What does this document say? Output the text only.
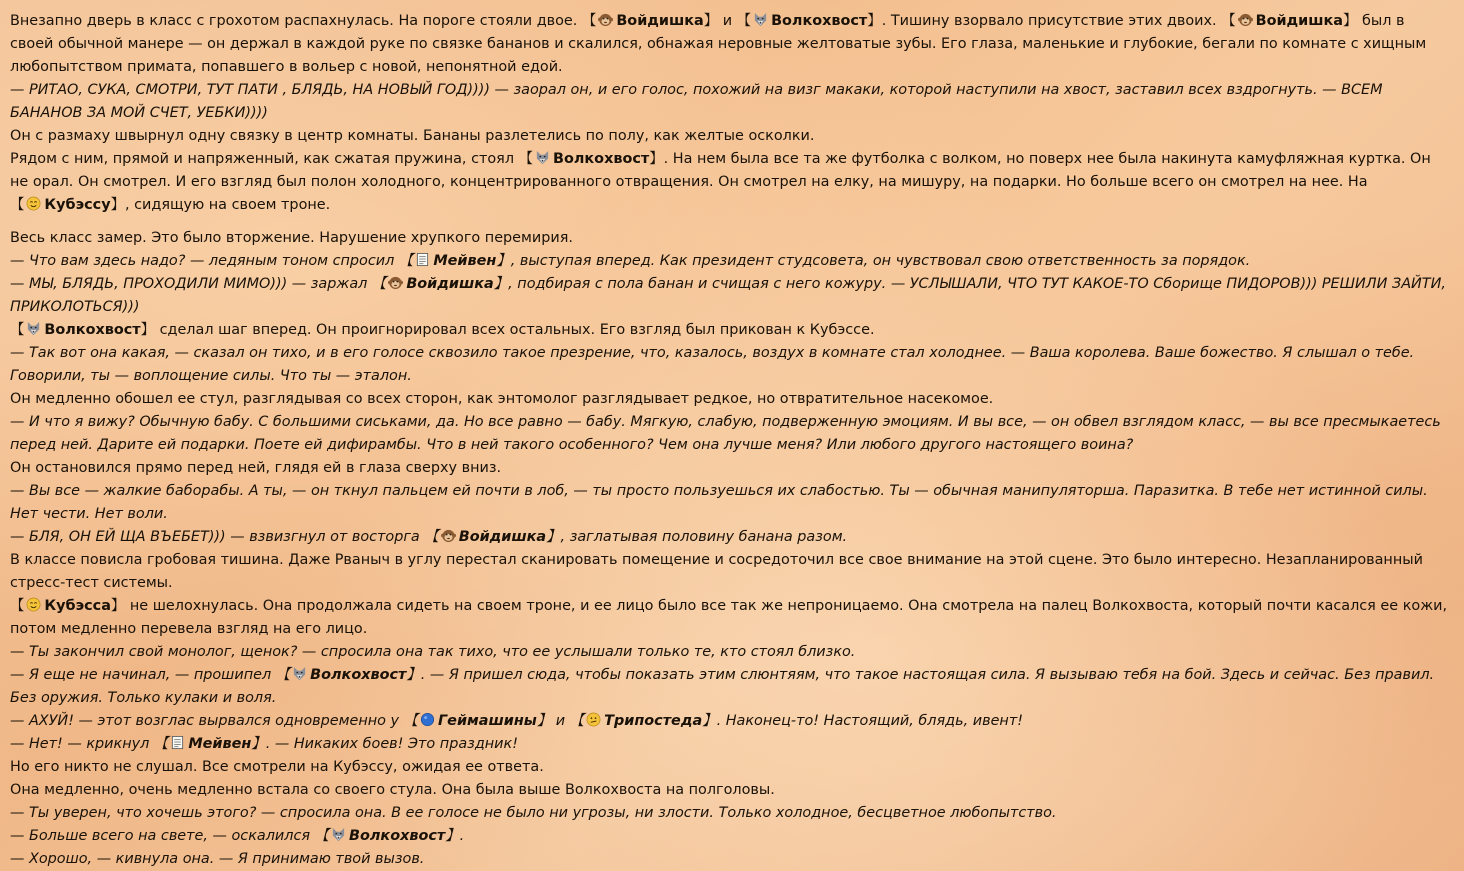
Внезапно дверь в класс с грохотом распахнулась. На пороге стояли двое. 【 Войдишка】 и 【 Волкохвост】. Тишину взорвало присутствие этих двоих. 【 Войдишка】 был в своей обычной манере — он держал в каждой руке по связке бананов и скалился, обнажая неровные желтоватые зубы. Его глаза, маленькие и глубокие, бегали по комнате с хищным любопытством примата, попавшего в вольер с новой, непонятной едой.
— РИТАО, СУКА, СМОТРИ, ТУТ ПАТИ , БЛЯДЬ, НА НОВЫЙ ГОД)))) — заорал он, и его голос, похожий на визг макаки, которой наступили на хвост, заставил всех вздрогнуть. — ВСЕМ БАНАНОВ ЗА МОЙ СЧЕТ, УЕБКИ))))
Он с размаху швырнул одну связку в центр комнаты. Бананы разлетелись по полу, как желтые осколки.
Рядом с ним, прямой и напряженный, как сжатая пружина, стоял 【 Волкохвост】. На нем была все та же футболка с волком, но поверх нее была накинута камуфляжная куртка. Он не орал. Он смотрел. И его взгляд был полон холодного, концентрированного отвращения. Он смотрел на елку, на мишуру, на подарки. Но больше всего он смотрел на нее. На 【 Кубэссу】, сидящую на своем троне.
Весь класс замер. Это было вторжение. Нарушение хрупкого перемирия.
— Что вам здесь надо? — ледяным тоном спросил 【 Мейвен】, выступая вперед. Как президент студсовета, он чувствовал свою ответственность за порядок.
— МЫ, БЛЯДЬ, ПРОХОДИЛИ МИМО))) — заржал 【 Войдишка】, подбирая с пола банан и счищая с него кожуру. — УСЛЫШАЛИ, ЧТО ТУТ КАКОЕ-ТО Сборище ПИДОРОВ))) РЕШИЛИ ЗАЙТИ, ПРИКОЛОТЬСЯ)))
【 Волкохвост】 сделал шаг вперед. Он проигнорировал всех остальных. Его взгляд был прикован к Кубэссе.
— Так вот она какая, — сказал он тихо, и в его голосе сквозило такое презрение, что, казалось, воздух в комнате стал холоднее. — Ваша королева. Ваше божество. Я слышал о тебе. Говорили, ты — воплощение силы. Что ты — эталон.
Он медленно обошел ее стул, разглядывая со всех сторон, как энтомолог разглядывает редкое, но отвратительное насекомое.
— И что я вижу? Обычную бабу. С большими сиськами, да. Но все равно — бабу. Мягкую, слабую, подверженную эмоциям. И вы все, — он обвел взглядом класс, — вы все пресмыкаетесь перед ней. Дарите ей подарки. Поете ей дифирамбы. Что в ней такого особенного? Чем она лучше меня? Или любого другого настоящего воина?
Он остановился прямо перед ней, глядя ей в глаза сверху вниз.
— Вы все — жалкие баборабы. А ты, — он ткнул пальцем ей почти в лоб, — ты просто пользуешься их слабостью. Ты — обычная манипуляторша. Паразитка. В тебе нет истинной силы. Нет чести. Нет воли.
— БЛЯ, ОН ЕЙ ЩА ВЪЕБЕТ))) — взвизгнул от восторга 【 Войдишка】, заглатывая половину банана разом.
В классе повисла гробовая тишина. Даже Рваныч в углу перестал сканировать помещение и сосредоточил все свое внимание на этой сцене. Это было интересно. Незапланированный стресс-тест системы.
【 Кубэсса】 не шелохнулась. Она продолжала сидеть на своем троне, и ее лицо было все так же непроницаемо. Она смотрела на палец Волкохвоста, который почти касался ее кожи, потом медленно перевела взгляд на его лицо.
— Ты закончил свой монолог, щенок? — спросила она так тихо, что ее услышали только те, кто стоял близко.
— Я еще не начинал, — прошипел 【 Волкохвост】. — Я пришел сюда, чтобы показать этим слюнтяям, что такое настоящая сила. Я вызываю тебя на бой. Здесь и сейчас. Без правил. Без оружия. Только кулаки и воля.
— АХУЙ! — этот возглас вырвался одновременно у 【 Геймашины】 и 【 Трипостеда】. Наконец-то! Настоящий, блядь, ивент!
— Нет! — крикнул 【 Мейвен】. — Никаких боев! Это праздник!
Но его никто не слушал. Все смотрели на Кубэссу, ожидая ее ответа.
Она медленно, очень медленно встала со своего стула. Она была выше Волкохвоста на полголовы.
— Ты уверен, что хочешь этого? — спросила она. В ее голосе не было ни угрозы, ни злости. Только холодное, бесцветное любопытство.
— Больше всего на свете, — оскалился 【 Волкохвост】.
— Хорошо, — кивнула она. — Я принимаю твой вызов.
